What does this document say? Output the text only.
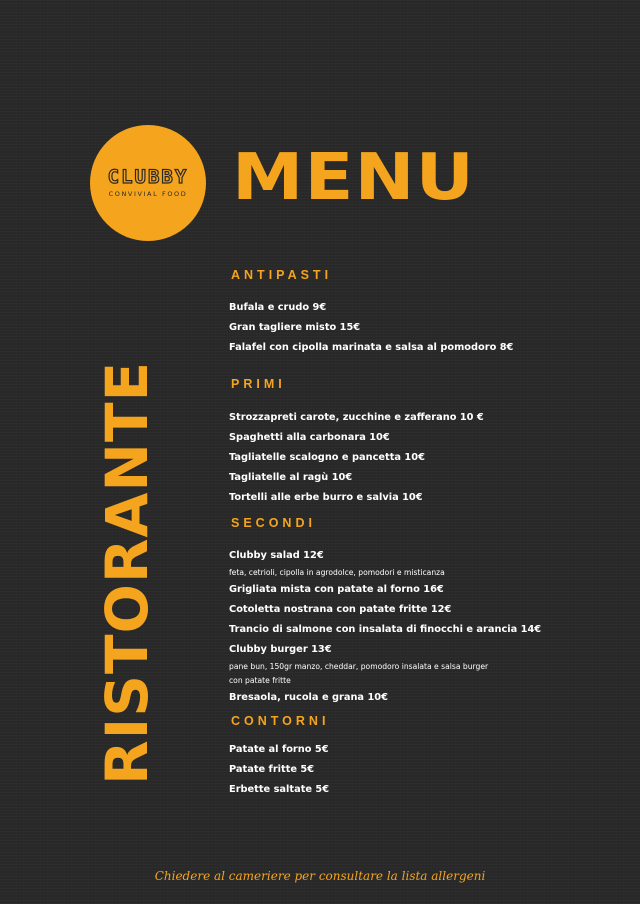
CLUBBY
CONVIVIAL FOOD MENU
RISTORANTE
ANTIPASTI
Bufala e crudo 9€
Gran tagliere misto 15€
Falafel con cipolla marinata e salsa al pomodoro 8€
PRIMI
Strozzapreti carote, zucchine e zafferano 10 €
Spaghetti alla carbonara 10€
Tagliatelle scalogno e pancetta 10€
Tagliatelle al ragù 10€
Tortelli alle erbe burro e salvia 10€
SECONDI
Clubby salad 12€
feta, cetrioli, cipolla in agrodolce, pomodori e misticanza
Grigliata mista con patate al forno 16€
Cotoletta nostrana con patate fritte 12€
Trancio di salmone con insalata di finocchi e arancia 14€
Clubby burger 13€
pane bun, 150gr manzo, cheddar, pomodoro insalata e salsa burger
con patate fritte
Bresaola, rucola e grana 10€
CONTORNI
Patate al forno 5€
Patate fritte 5€
Erbette saltate 5€
Chiedere al cameriere per consultare la lista allergeni
